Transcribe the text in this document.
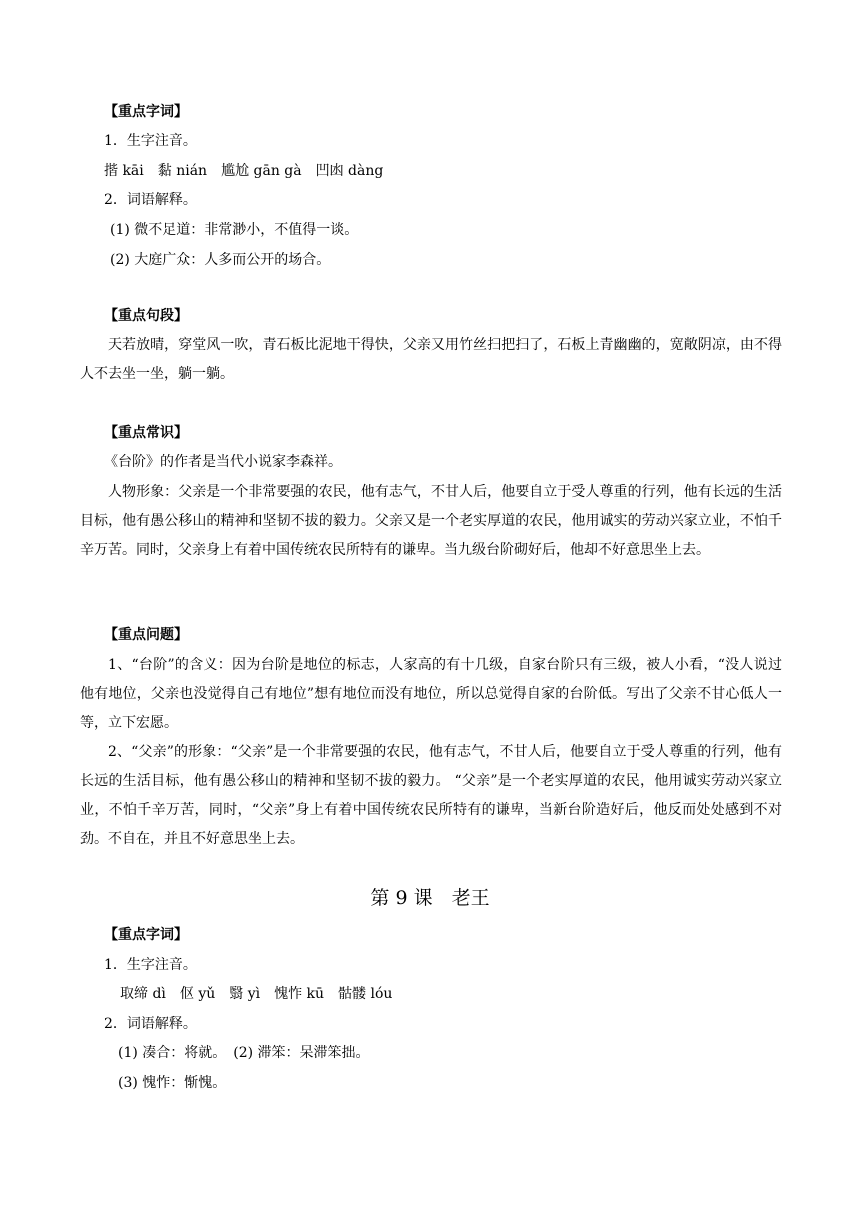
【重点字词】
1．生字注音。
揩 kāi　黏 nián　尴尬 gān gà　凹凼 dàng
2．词语解释。
(1) 微不足道：非常渺小，不值得一谈。
(2) 大庭广众：人多而公开的场合。
【重点句段】
天若放晴，穿堂风一吹，青石板比泥地干得快，父亲又用竹丝扫把扫了，石板上青幽幽的，宽敞阴凉，由不得人不去坐一坐，躺一躺。
【重点常识】
《台阶》的作者是当代小说家李森祥。
人物形象：父亲是一个非常要强的农民，他有志气，不甘人后，他要自立于受人尊重的行列，他有长远的生活目标，他有愚公移山的精神和坚韧不拔的毅力。父亲又是一个老实厚道的农民，他用诚实的劳动兴家立业，不怕千辛万苦。同时，父亲身上有着中国传统农民所特有的谦卑。当九级台阶砌好后，他却不好意思坐上去。
【重点问题】
1、“台阶”的含义：因为台阶是地位的标志，人家高的有十几级，自家台阶只有三级，被人小看，“没人说过他有地位，父亲也没觉得自己有地位”想有地位而没有地位，所以总觉得自家的台阶低。写出了父亲不甘心低人一等，立下宏愿。
2、“父亲”的形象：“父亲”是一个非常要强的农民，他有志气，不甘人后，他要自立于受人尊重的行列，他有长远的生活目标，他有愚公移山的精神和坚韧不拔的毅力。 “父亲”是一个老实厚道的农民，他用诚实劳动兴家立业，不怕千辛万苦，同时，“父亲”身上有着中国传统农民所特有的谦卑，当新台阶造好后，他反而处处感到不对劲。不自在，并且不好意思坐上去。
第 9 课　老王
【重点字词】
1．生字注音。
取缔 dì　伛 yǔ　翳 yì　愧怍 kū　骷髅 lóu
2．词语解释。
(1) 凑合：将就。　(2) 滞笨：呆滞笨拙。
(3) 愧怍：惭愧。
